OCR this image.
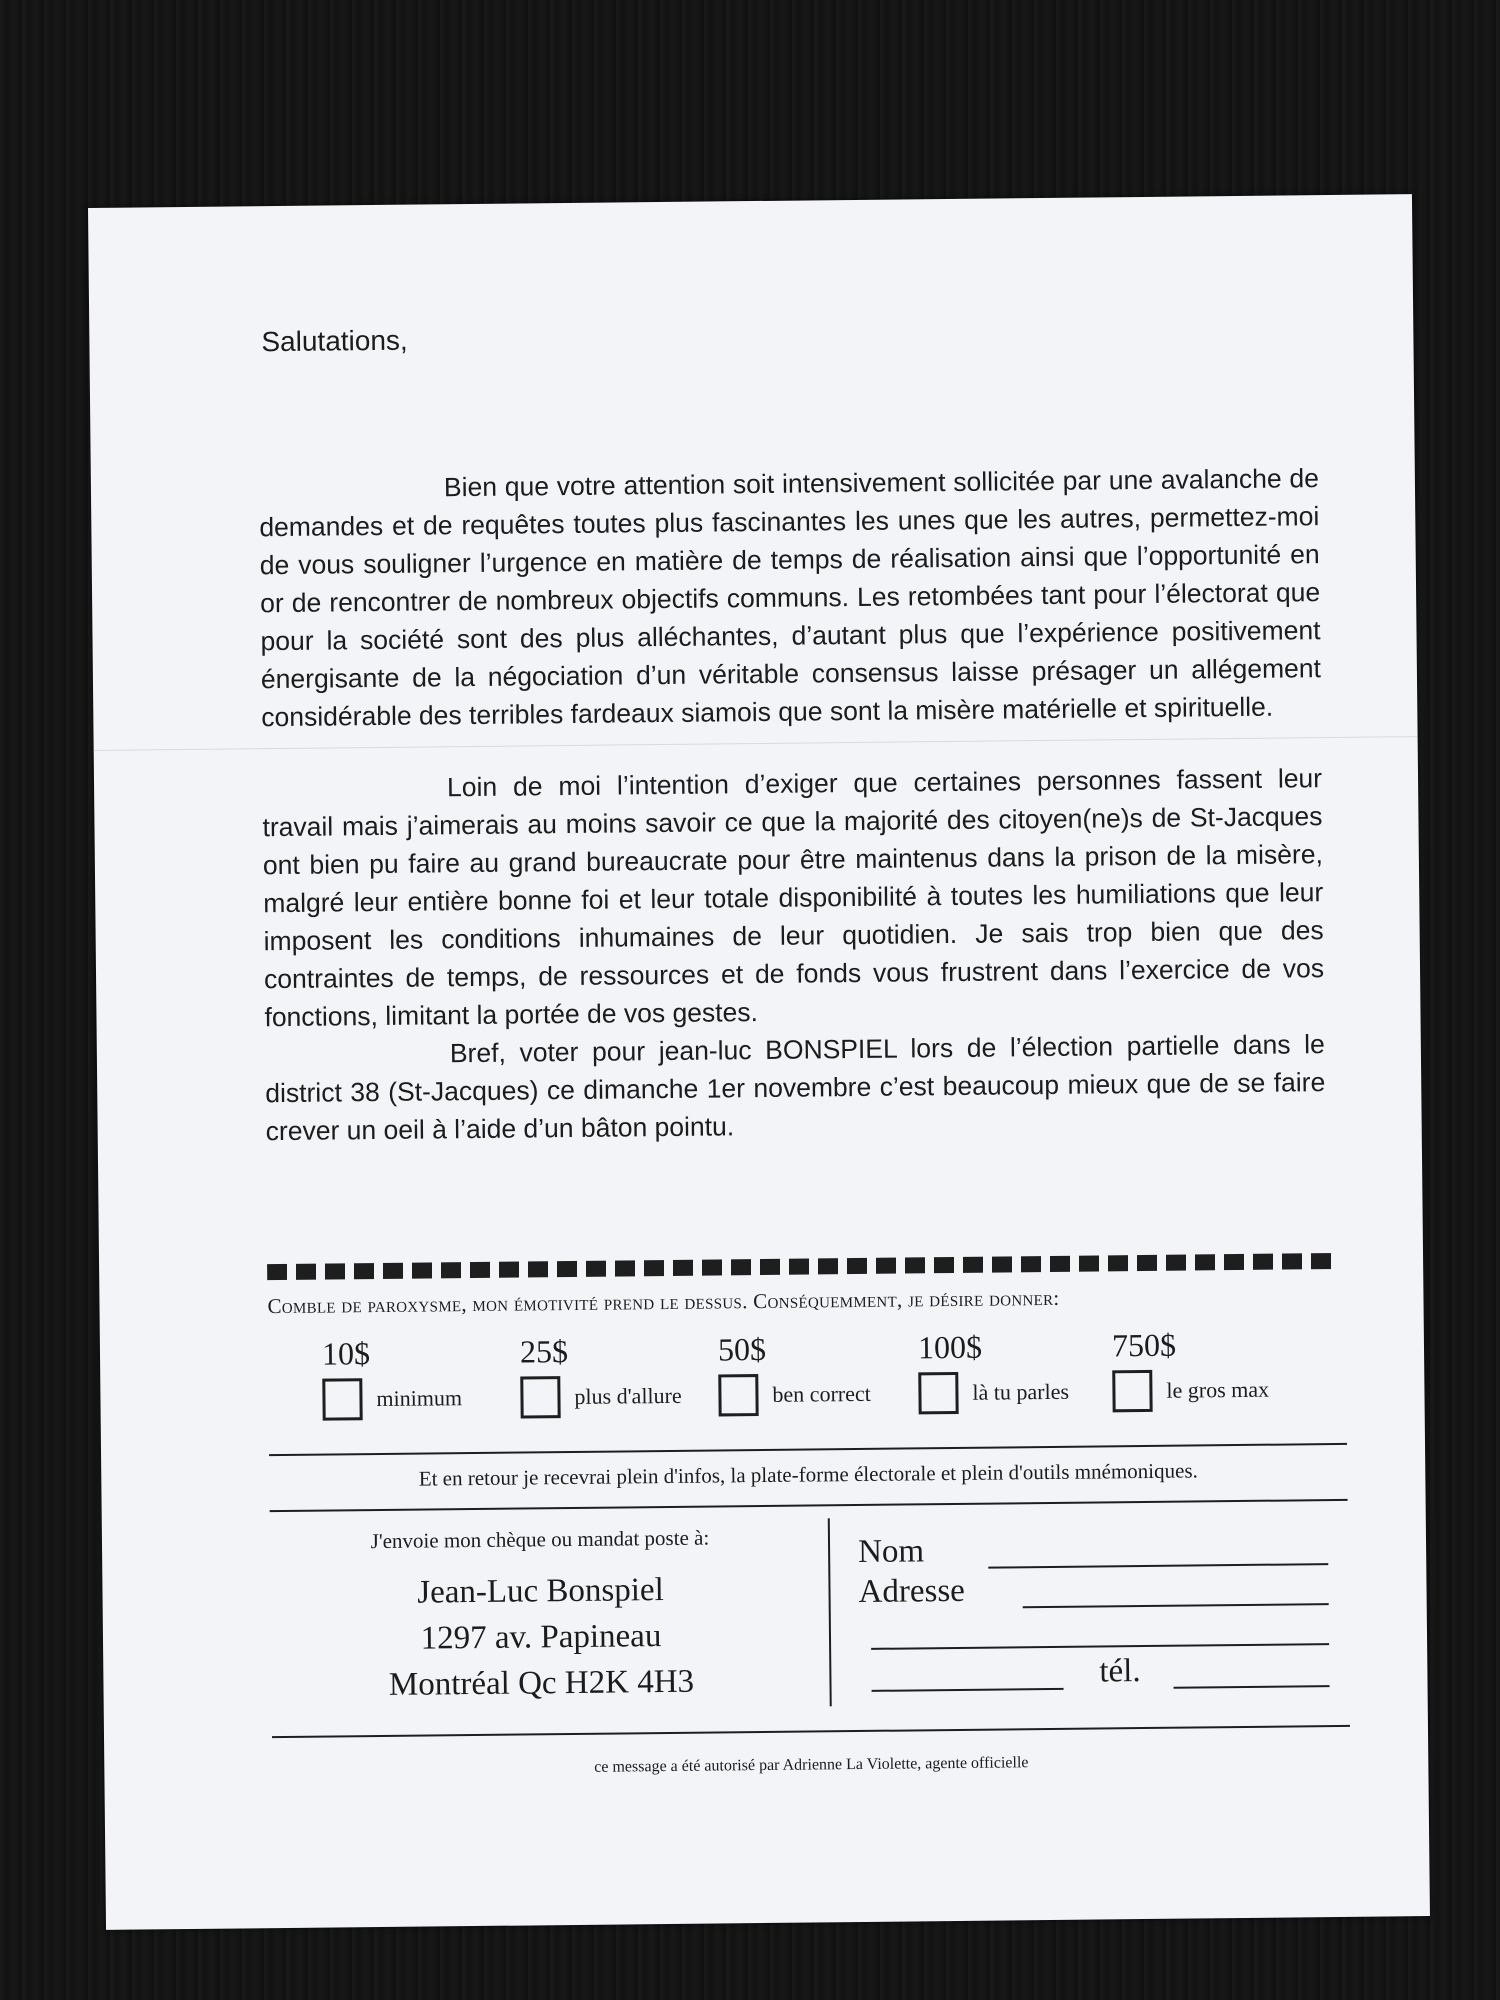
Salutations,

Bien que votre attention soit intensivement sollicitée par une avalanche de demandes et de requêtes toutes plus fascinantes les unes que les autres, permettez-moi de vous souligner l’urgence en matière de temps de réalisation ainsi que l’opportunité en or de rencontrer de nombreux objectifs communs. Les retombées tant pour l’électorat que pour la société sont des plus alléchantes, d’autant plus que l’expérience positivement énergisante de la négociation d’un véritable consensus laisse présager un allégement considérable des terribles fardeaux siamois que sont la misère matérielle et spirituelle.

Loin de moi l’intention d’exiger que certaines personnes fassent leur travail mais j’aimerais au moins savoir ce que la majorité des citoyen(ne)s de St-Jacques ont bien pu faire au grand bureaucrate pour être maintenus dans la prison de la misère, malgré leur entière bonne foi et leur totale disponibilité à toutes les humiliations que leur imposent les conditions inhumaines de leur quotidien. Je sais trop bien que des contraintes de temps, de ressources et de fonds vous frustrent dans l’exercice de vos fonctions, limitant la portée de vos gestes.

Bref, voter pour jean-luc BONSPIEL lors de l’élection partielle dans le district 38 (St-Jacques) ce dimanche 1er novembre c’est beaucoup mieux que de se faire crever un oeil à l’aide d’un bâton pointu.

Comble de paroxysme, mon émotivité prend le dessus. Conséquemment, je désire donner:
10$
minimum
25$
plus d'allure
50$
ben correct
100$
là tu parles
750$
le gros max
Et en retour je recevrai plein d'infos, la plate-forme électorale et plein d'outils mnémoniques.
J'envoie mon chèque ou mandat poste à:
Jean-Luc Bonspiel
1297 av. Papineau
Montréal Qc H2K 4H3
Nom
Adresse
tél.
ce message a été autorisé par Adrienne La Violette, agente officielle
